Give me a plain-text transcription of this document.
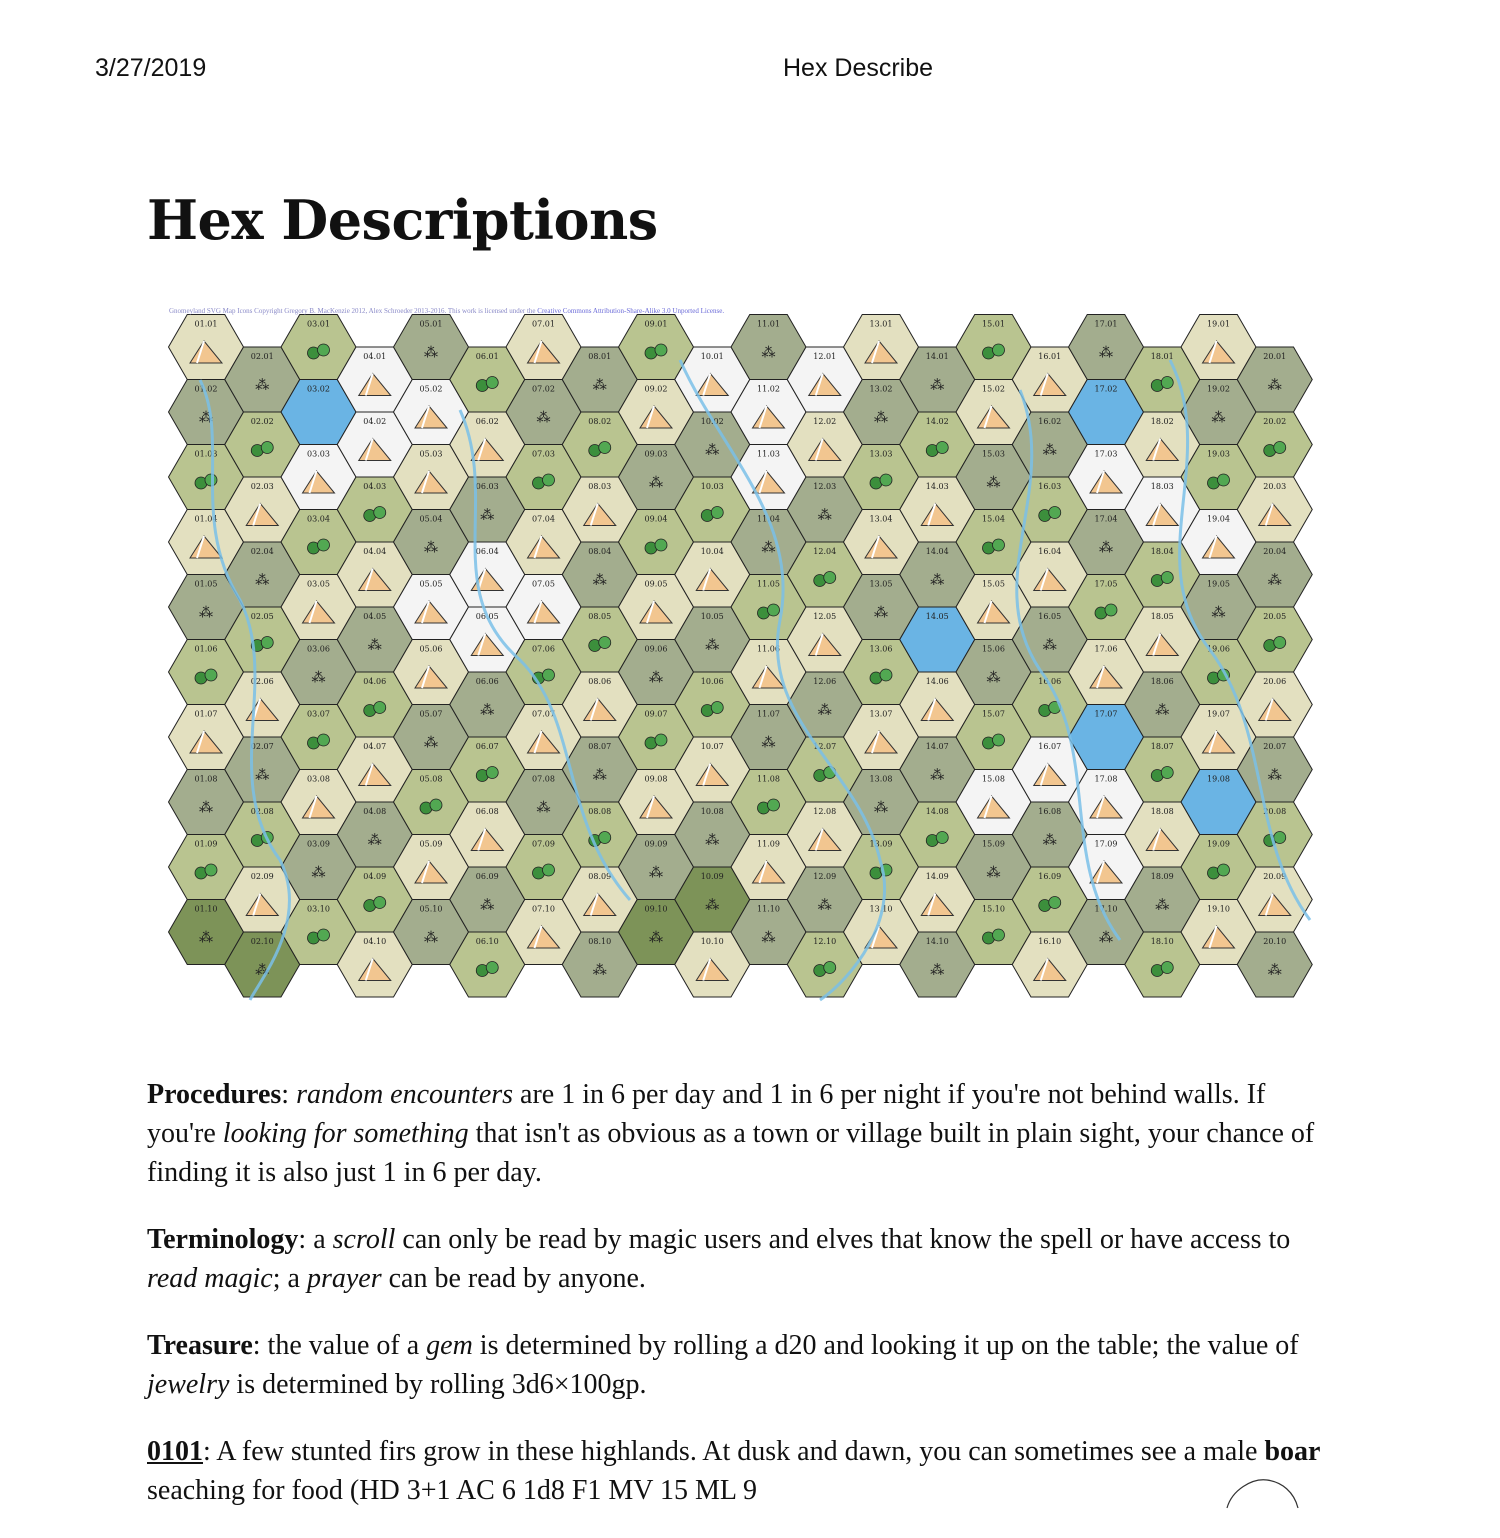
3/27/2019	Hex Describe
Hex Descriptions
01.01
01.02
⁂
01.03
01.04
01.05
⁂
01.06
01.07
01.08
⁂
01.09
01.10
⁂
02.01
⁂
02.02
02.03
02.04
⁂
02.05
02.06
02.07
⁂
02.08
02.09
02.10
⁂
03.01
03.02
03.03
03.04
03.05
03.06
⁂
03.07
03.08
03.09
⁂
03.10
04.01
04.02
04.03
04.04
04.05
⁂
04.06
04.07
04.08
⁂
04.09
04.10
05.01
⁂
05.02
05.03
05.04
⁂
05.05
05.06
05.07
⁂
05.08
05.09
05.10
⁂
06.01
06.02
06.03
⁂
06.04
06.05
06.06
⁂
06.07
06.08
06.09
⁂
06.10
07.01
07.02
⁂
07.03
07.04
07.05
07.06
07.07
07.08
⁂
07.09
07.10
08.01
⁂
08.02
08.03
08.04
⁂
08.05
08.06
08.07
⁂
08.08
08.09
08.10
⁂
09.01
09.02
09.03
⁂
09.04
09.05
09.06
⁂
09.07
09.08
09.09
⁂
09.10
⁂
10.01
10.02
⁂
10.03
10.04
10.05
⁂
10.06
10.07
10.08
⁂
10.09
⁂
10.10
11.01
⁂
11.02
11.03
11.04
⁂
11.05
11.06
11.07
⁂
11.08
11.09
11.10
⁂
12.01
12.02
12.03
⁂
12.04
12.05
12.06
⁂
12.07
12.08
12.09
⁂
12.10
13.01
13.02
⁂
13.03
13.04
13.05
⁂
13.06
13.07
13.08
⁂
13.09
13.10
14.01
⁂
14.02
14.03
14.04
⁂
14.05
14.06
14.07
⁂
14.08
14.09
14.10
⁂
15.01
15.02
15.03
⁂
15.04
15.05
15.06
⁂
15.07
15.08
15.09
⁂
15.10
16.01
16.02
⁂
16.03
16.04
16.05
⁂
16.06
16.07
16.08
⁂
16.09
16.10
17.01
⁂
17.02
17.03
17.04
⁂
17.05
17.06
17.07
17.08
17.09
17.10
⁂
18.01
18.02
18.03
18.04
18.05
18.06
⁂
18.07
18.08
18.09
⁂
18.10
19.01
19.02
⁂
19.03
19.04
19.05
⁂
19.06
19.07
19.08
19.09
19.10
20.01
⁂
20.02
20.03
20.04
⁂
20.05
20.06
20.07
⁂
20.08
20.09
20.10
⁂
Gnomeyland SVG Map Icons Copyright Gregory B. MacKenzie 2012, Alex Schroeder 2013-2016. This work is licensed under the Creative Commons Attribution-Share-Alike 3.0 Unported License.

Procedures: random encounters are 1 in 6 per day and 1 in 6 per night if you're not behind walls. If you're looking for something that isn't as obvious as a town or village built in plain sight, your chance of finding it is also just 1 in 6 per day.

Terminology: a scroll can only be read by magic users and elves that know the spell or have access to read magic; a prayer can be read by anyone.

Treasure: the value of a gem is determined by rolling a d20 and looking it up on the table; the value of jewelry is determined by rolling 3d6×100gp.

0101: A few stunted firs grow in these highlands. At dusk and dawn, you can sometimes see a male boar seaching for food (HD 3+1 AC 6 1d8 F1 MV 15 ML 9
